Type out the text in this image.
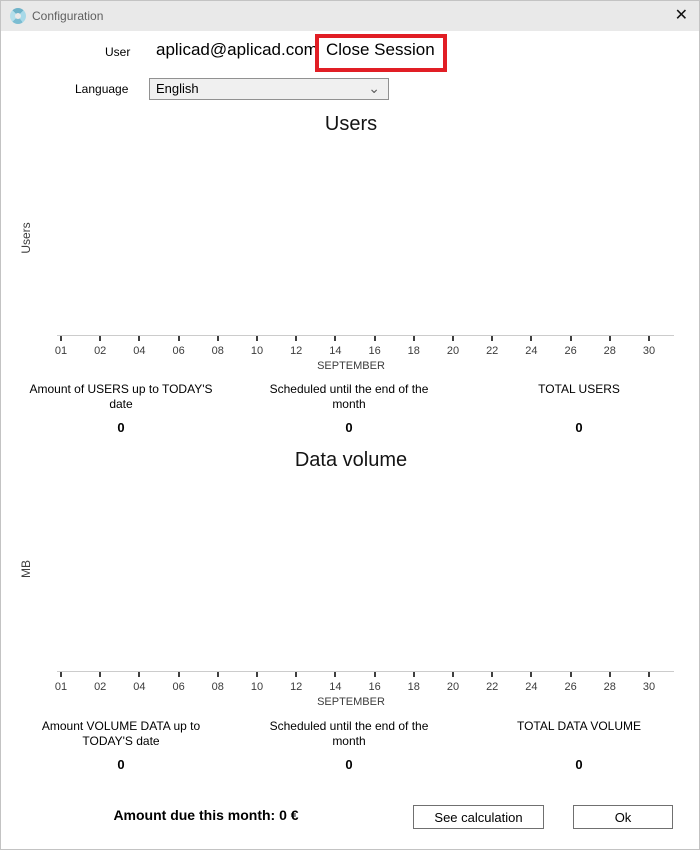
Configuration	✕
User aplicad@aplicad.com Close Session
Language	English	⌄
Users
Users
01 02 04 06 08 10 12 14 16 18 20 22 24 26 28 30
SEPTEMBER
Amount of USERS up to TODAY'S date
0
Scheduled until the end of the month
0
TOTAL USERS
0
Data volume
MB
01 02 04 06 08 10 12 14 16 18 20 22 24 26 28 30
SEPTEMBER
Amount VOLUME DATA up to TODAY'S date
0
Scheduled until the end of the month
0
TOTAL DATA VOLUME
0
Amount due this month: 0 €	See calculation	Ok
